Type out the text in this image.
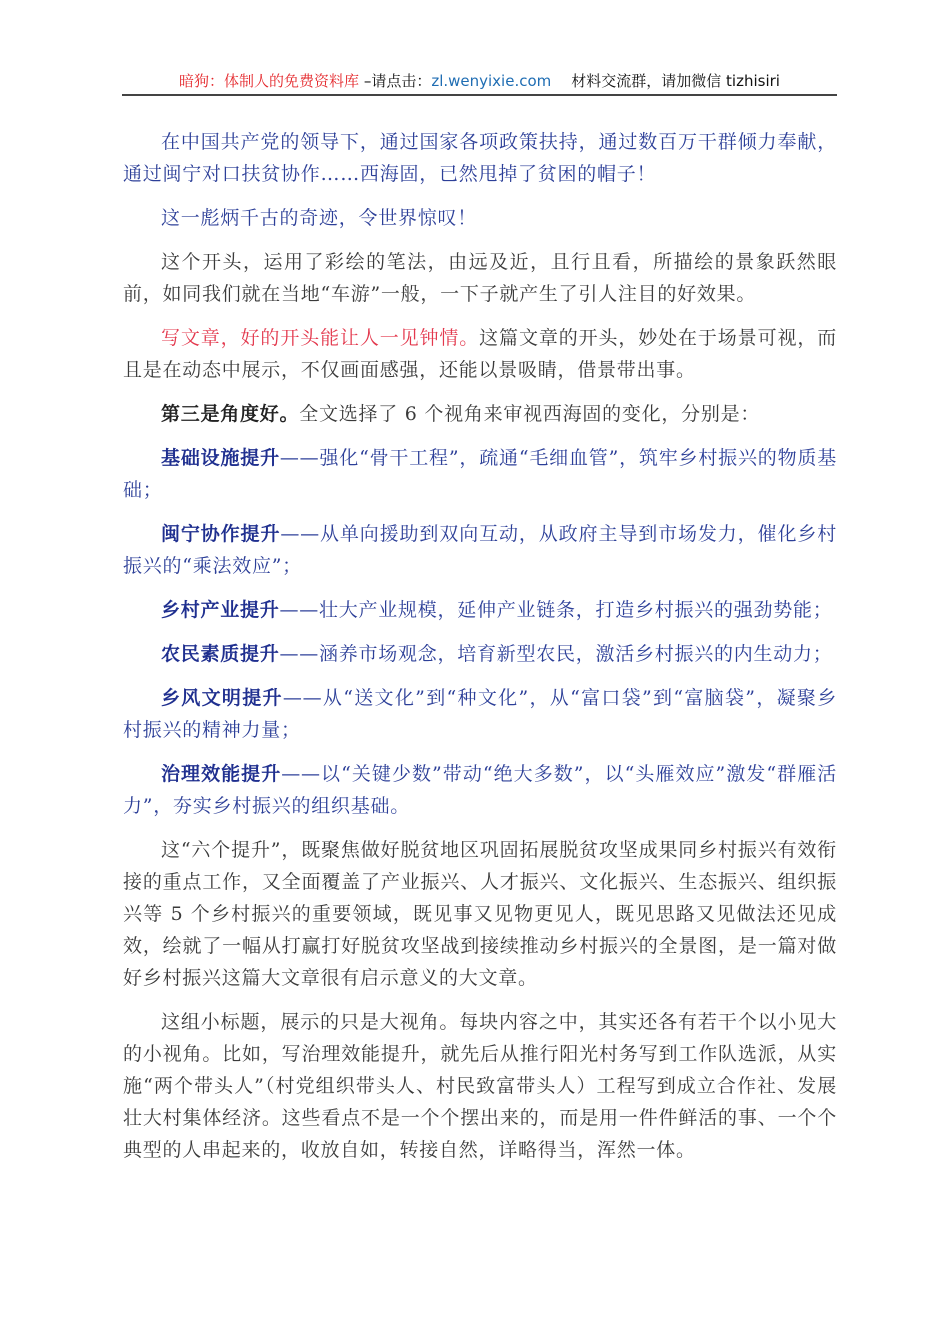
暗狗：体制人的免费资料库 –请点击：zl.wenyixie.com 材料交流群，请加微信 tizhisiri

在中国共产党的领导下，通过国家各项政策扶持，通过数百万干群倾力奉献，通过闽宁对口扶贫协作……西海固，已然甩掉了贫困的帽子！

这一彪炳千古的奇迹，令世界惊叹！

这个开头，运用了彩绘的笔法，由远及近，且行且看，所描绘的景象跃然眼前，如同我们就在当地“车游”一般，一下子就产生了引人注目的好效果。

写文章，好的开头能让人一见钟情。这篇文章的开头，妙处在于场景可视，而且是在动态中展示，不仅画面感强，还能以景吸睛，借景带出事。

第三是角度好。全文选择了 6 个视角来审视西海固的变化，分别是：

基础设施提升——强化“骨干工程”，疏通“毛细血管”，筑牢乡村振兴的物质基础；

闽宁协作提升——从单向援助到双向互动，从政府主导到市场发力，催化乡村振兴的“乘法效应”；

乡村产业提升——壮大产业规模，延伸产业链条，打造乡村振兴的强劲势能；

农民素质提升——涵养市场观念，培育新型农民，激活乡村振兴的内生动力；

乡风文明提升——从“送文化”到“种文化”，从“富口袋”到“富脑袋”，凝聚乡村振兴的精神力量；

治理效能提升——以“关键少数”带动“绝大多数”，以“头雁效应”激发“群雁活力”，夯实乡村振兴的组织基础。

这“六个提升”，既聚焦做好脱贫地区巩固拓展脱贫攻坚成果同乡村振兴有效衔接的重点工作，又全面覆盖了产业振兴、人才振兴、文化振兴、生态振兴、组织振兴等 5 个乡村振兴的重要领域，既见事又见物更见人，既见思路又见做法还见成效，绘就了一幅从打赢打好脱贫攻坚战到接续推动乡村振兴的全景图，是一篇对做好乡村振兴这篇大文章很有启示意义的大文章。

这组小标题，展示的只是大视角。每块内容之中，其实还各有若干个以小见大的小视角。比如，写治理效能提升，就先后从推行阳光村务写到工作队选派，从实施“两个带头人”（村党组织带头人、村民致富带头人）工程写到成立合作社、发展壮大村集体经济。这些看点不是一个个摆出来的，而是用一件件鲜活的事、一个个典型的人串起来的，收放自如，转接自然，详略得当，浑然一体。
